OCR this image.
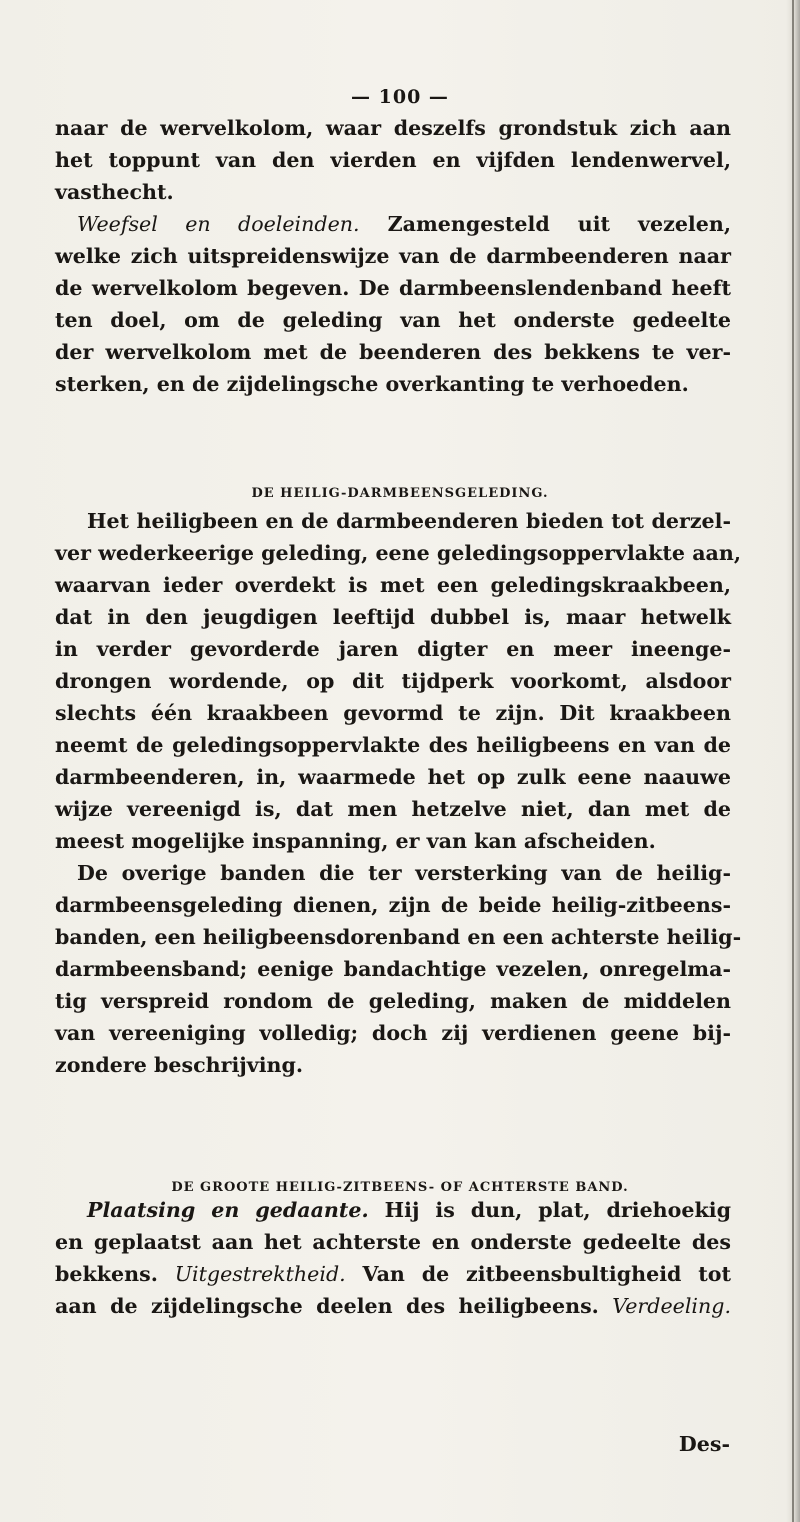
— 100 —
naar de wervelkolom, waar deszelfs grondstuk zich aan
het toppunt van den vierden en vijfden lendenwervel,
vasthecht.
Weefsel en doeleinden. Zamengesteld uit vezelen,
welke zich uitspreidenswijze van de darmbeenderen naar
de wervelkolom begeven. De darmbeenslendenband heeft
ten doel, om de geleding van het onderste gedeelte
der wervelkolom met de beenderen des bekkens te ver-
sterken, en de zijdelingsche overkanting te verhoeden.
DE HEILIG-DARMBEENSGELEDING.
Het heiligbeen en de darmbeenderen bieden tot derzel-
ver wederkeerige geleding, eene geledingsoppervlakte aan,
waarvan ieder overdekt is met een geledingskraakbeen,
dat in den jeugdigen leeftijd dubbel is, maar hetwelk
in verder gevorderde jaren digter en meer ineenge-
drongen wordende, op dit tijdperk voorkomt, alsdoor
slechts één kraakbeen gevormd te zijn. Dit kraakbeen
neemt de geledingsoppervlakte des heiligbeens en van de
darmbeenderen, in, waarmede het op zulk eene naauwe
wijze vereenigd is, dat men hetzelve niet, dan met de
meest mogelijke inspanning, er van kan afscheiden.
De overige banden die ter versterking van de heilig-
darmbeensgeleding dienen, zijn de beide heilig-zitbeens-
banden, een heiligbeensdorenband en een achterste heilig-
darmbeensband; eenige bandachtige vezelen, onregelma-
tig verspreid rondom de geleding, maken de middelen
van vereeniging volledig; doch zij verdienen geene bij-
zondere beschrijving.
DE GROOTE HEILIG-ZITBEENS- OF ACHTERSTE BAND.
Plaatsing en gedaante. Hij is dun, plat, driehoekig
en geplaatst aan het achterste en onderste gedeelte des
bekkens. Uitgestrektheid. Van de zitbeensbultigheid tot
aan de zijdelingsche deelen des heiligbeens. Verdeeling.
Des-
